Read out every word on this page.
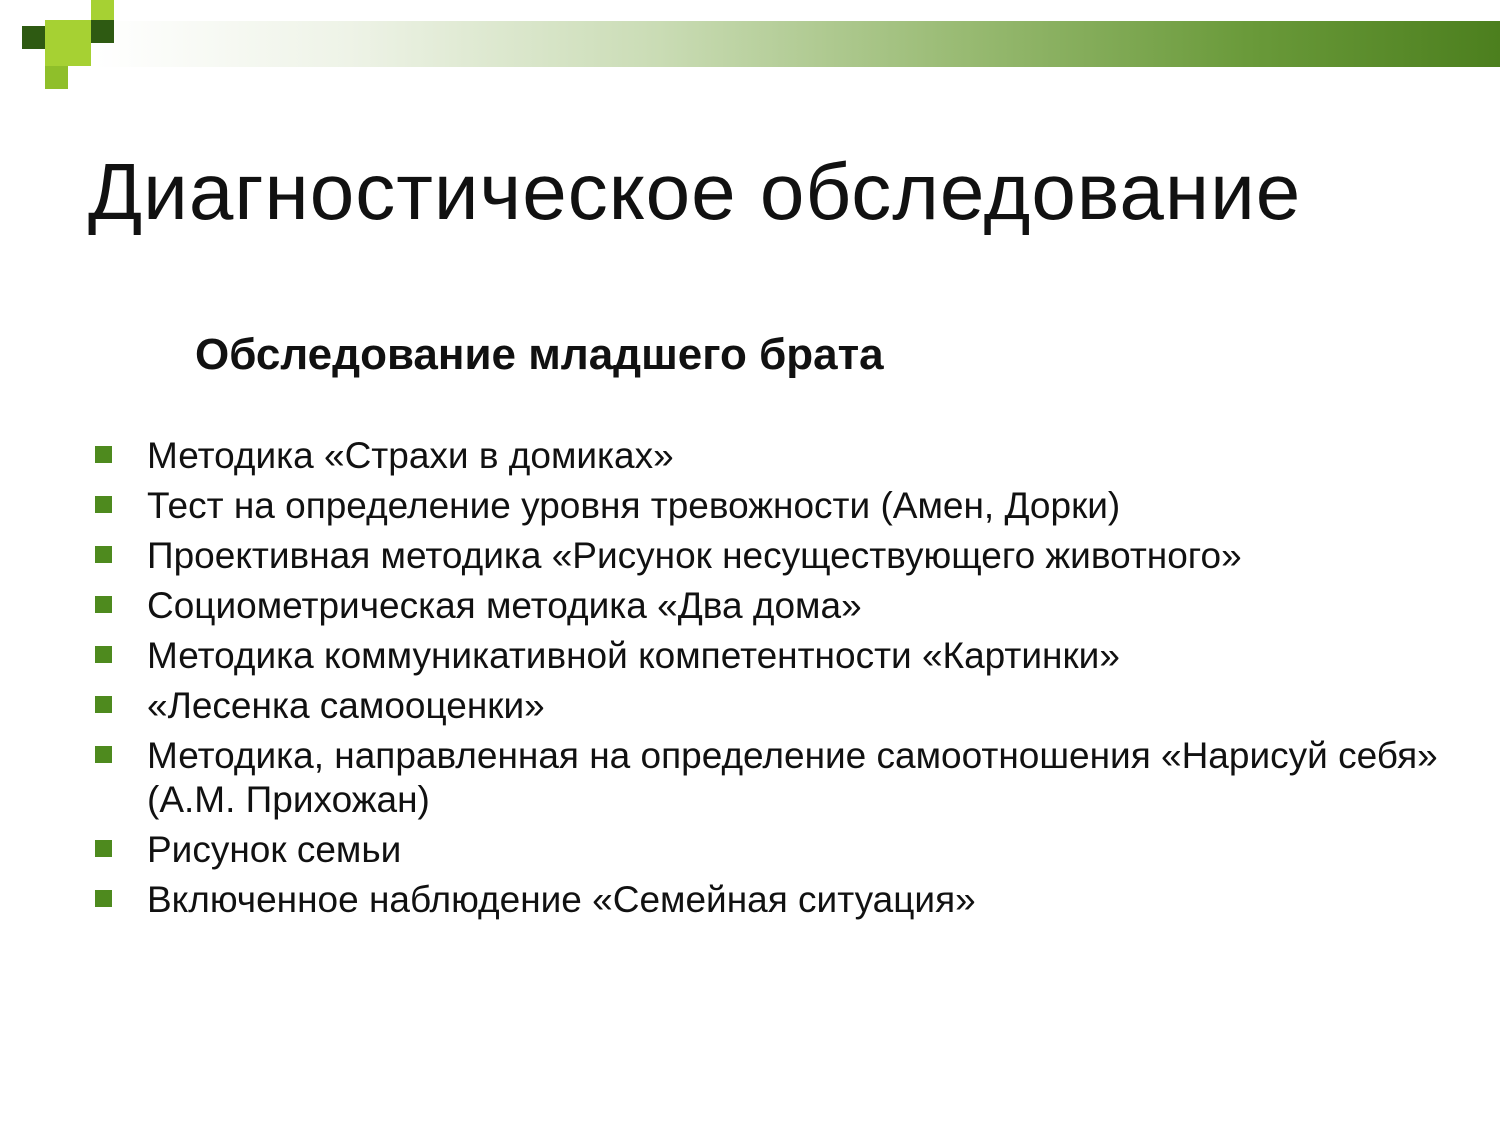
Диагностическое обследование
Обследование младшего брата
Методика «Страхи в домиках»
Тест на определение уровня тревожности (Амен, Дорки)
Проективная методика «Рисунок несуществующего животного»
Социометрическая методика «Два дома»
Методика коммуникативной компетентности «Картинки»
«Лесенка самооценки»
Методика, направленная на определение самоотношения «Нарисуй себя» (А.М. Прихожан)
Рисунок семьи
Включенное наблюдение «Семейная ситуация»
